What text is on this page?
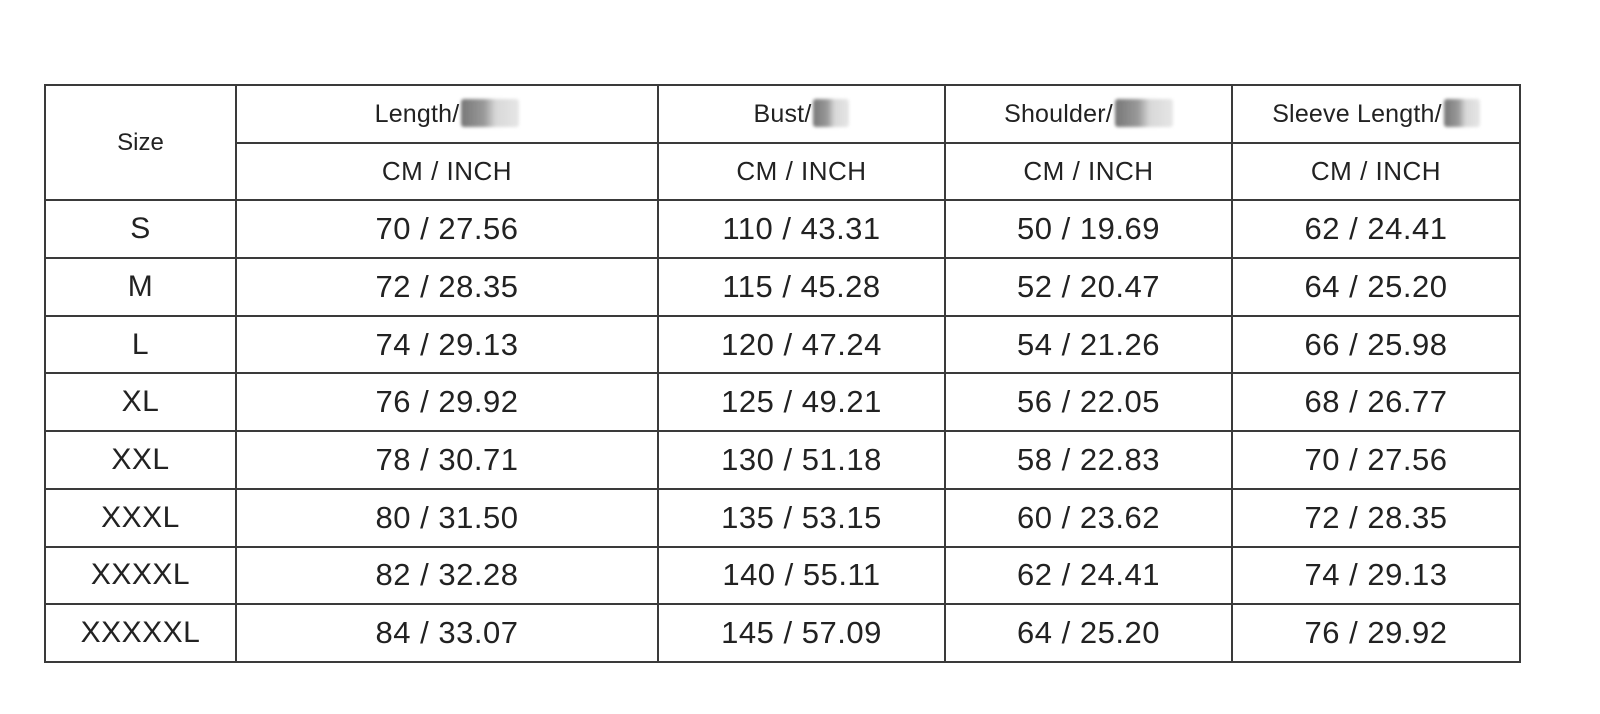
Size	Length/	Bust/	Shoulder/	Sleeve Length/
	CM / INCH	CM / INCH	CM / INCH	CM / INCH
S	70 / 27.56	110 / 43.31	50 / 19.69	62 / 24.41
M	72 / 28.35	115 / 45.28	52 / 20.47	64 / 25.20
L	74 / 29.13	120 / 47.24	54 / 21.26	66 / 25.98
XL	76 / 29.92	125 / 49.21	56 / 22.05	68 / 26.77
XXL	78 / 30.71	130 / 51.18	58 / 22.83	70 / 27.56
XXXL	80 / 31.50	135 / 53.15	60 / 23.62	72 / 28.35
XXXXL	82 / 32.28	140 / 55.11	62 / 24.41	74 / 29.13
XXXXXL	84 / 33.07	145 / 57.09	64 / 25.20	76 / 29.92
